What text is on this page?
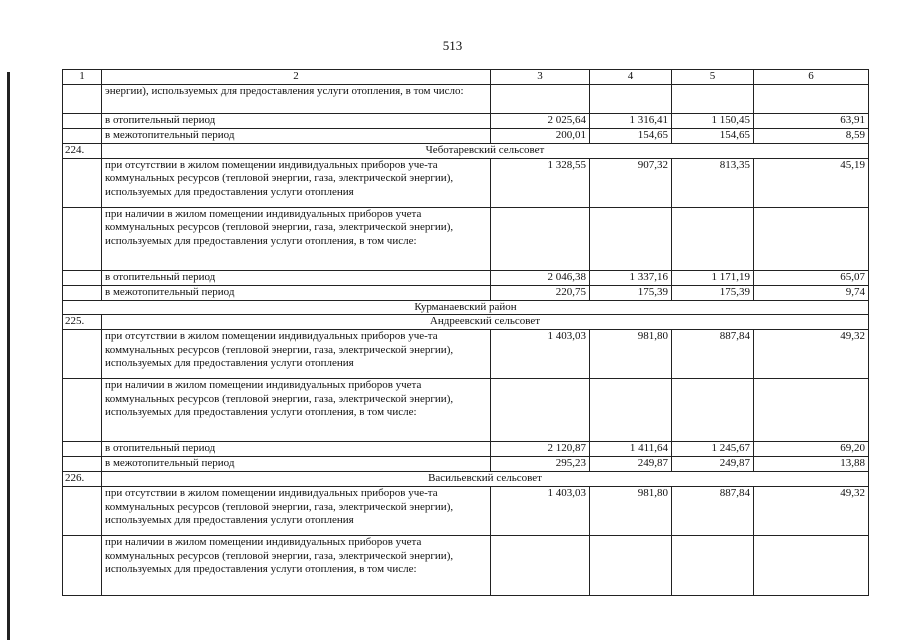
513
1	2	3	4	5	6
	энергии), используемых для предоставления услуги отопления, в том число:				
	в отопительный период	2 025,64	1 316,41	1 150,45	63,91
	в межотопительный период	200,01	154,65	154,65	8,59
224.	Чеботаревский сельсовет				
	при отсутствии в жилом помещении индивидуальных приборов уче-та коммунальных ресурсов (тепловой энергии, газа, электрической энергии), используемых для предоставления услуги отопления	1 328,55	907,32	813,35	45,19
	при наличии в жилом помещении индивидуальных приборов учета коммунальных ресурсов (тепловой энергии, газа, электрической энергии), используемых для предоставления услуги отопления, в том числе:				
	в отопительный период	2 046,38	1 337,16	1 171,19	65,07
	в межотопительный период	220,75	175,39	175,39	9,74
Курманаевский район					
225.	Андреевский сельсовет				
	при отсутствии в жилом помещении индивидуальных приборов уче-та коммунальных ресурсов (тепловой энергии, газа, электрической энергии), используемых для предоставления услуги отопления	1 403,03	981,80	887,84	49,32
	при наличии в жилом помещении индивидуальных приборов учета коммунальных ресурсов (тепловой энергии, газа, электрической энергии), используемых для предоставления услуги отопления, в том числе:				
	в отопительный период	2 120,87	1 411,64	1 245,67	69,20
	в межотопительный период	295,23	249,87	249,87	13,88
226.	Васильевский сельсовет				
	при отсутствии в жилом помещении индивидуальных приборов уче-та коммунальных ресурсов (тепловой энергии, газа, электрической энергии), используемых для предоставления услуги отопления	1 403,03	981,80	887,84	49,32
	при наличии в жилом помещении индивидуальных приборов учета коммунальных ресурсов (тепловой энергии, газа, электрической энергии), используемых для предоставления услуги отопления, в том числе:				
